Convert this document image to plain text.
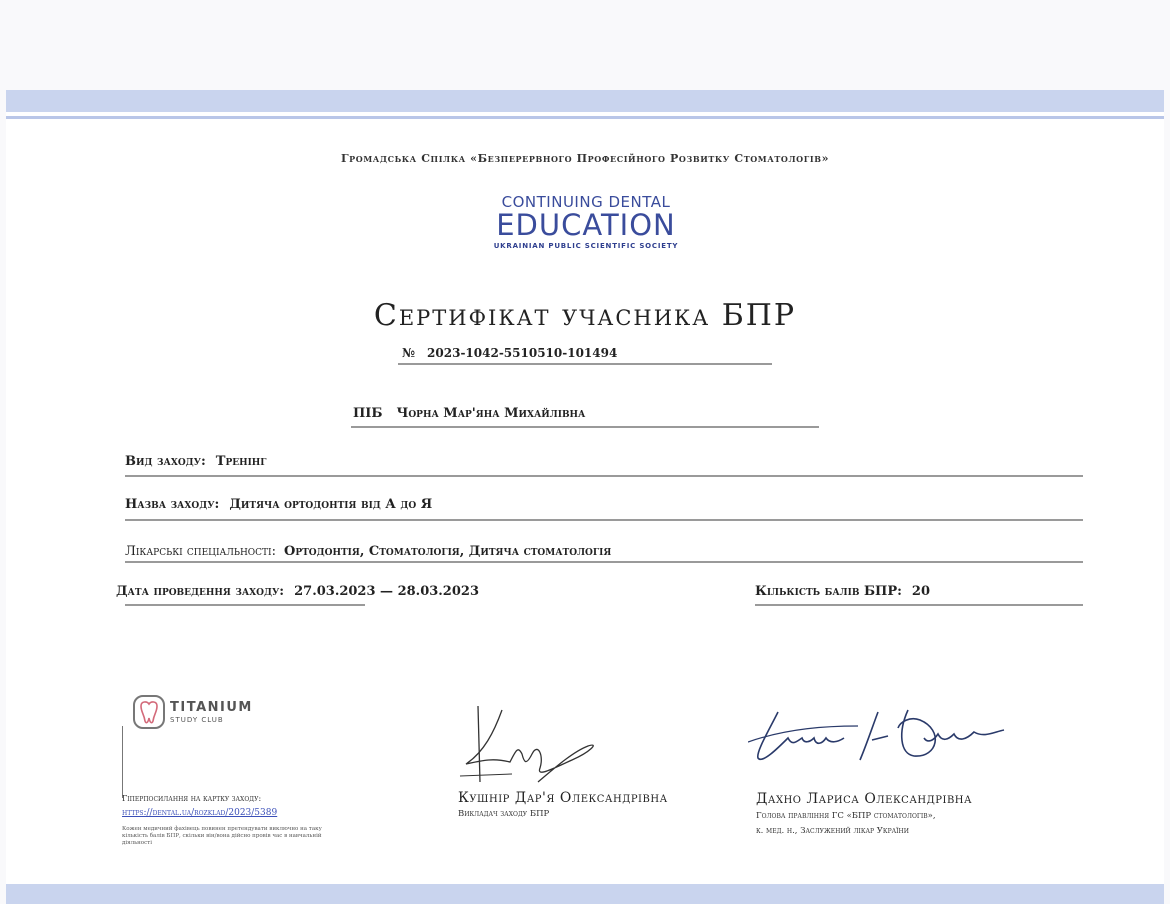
Громадська Спілка «Безперервного Професійного Розвитку Стоматологів»
CONTINUING DENTAL
EDUCATION
UKRAINIAN PUBLIC SCIENTIFIC SOCIETY
Сертифікат учасника БПР
№ 2023-1042-5510510-101494
ПІБ Чорна Мар'яна Михайлівна
Вид заходу: Тренінг
Назва заходу: Дитяча ортодонтія від А до Я
Лікарські спеціальності: Ортодонтія, Стоматологія, Дитяча стоматологія
Дата проведення заходу: 27.03.2023 — 28.03.2023	Кількість балів БПР: 20
TITANIUM
STUDY CLUB
Гіперпосилання на картку заходу:
https://dental.ua/rozklad/2023/5389
Кожен медичний фахівець повинен претендувати виключно на таку кількість балів БПР, скільки він/вона дійсно провів час в навчальній діяльності
Кушнір Дар'я Олександрівна
Викладач заходу БПР
Дахно Лариса Олександрівна
Голова правління ГС «БПР стоматологів»,
к. мед. н., Заслужений лікар України
